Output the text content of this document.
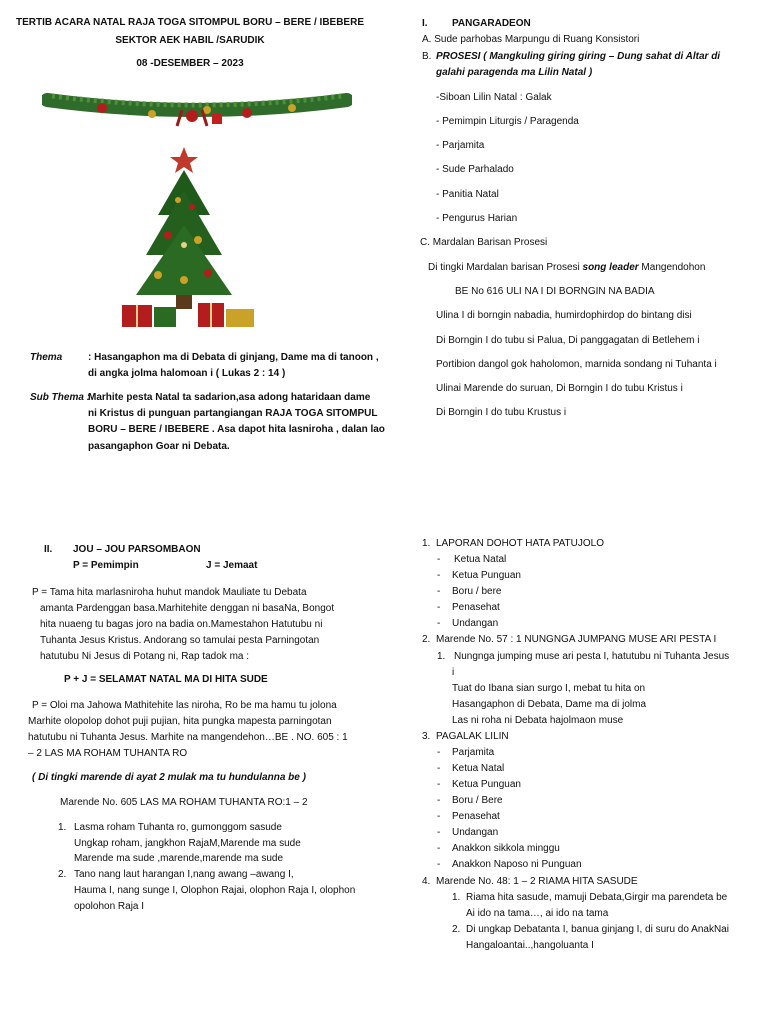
TERTIB ACARA NATAL RAJA TOGA SITOMPUL BORU – BERE / IBEBERE
SEKTOR AEK HABIL /SARUDIK
08 -DESEMBER – 2023
Thema	: Hasangaphon ma di Debata di ginjang, Dame ma di tanoon ,
di angka jolma halomoan i ( Lukas 2 : 14 )
Sub Thema :
Marhite pesta Natal ta sadarion,asa adong hataridaan dame
ni Kristus di punguan partangiangan RAJA TOGA SITOMPUL
BORU – BERE / IBEBERE . Asa dapot hita lasniroha , dalan lao
pasangaphon Goar ni Debata.
I. PANGARADEON
A. Sude parhobas Marpungu di Ruang Konsistori
B. PROSESI ( Mangkuling giring giring – Dung sahat di Altar di
galahi paragenda ma Lilin Natal )
-Siboan Lilin Natal : Galak
- Pemimpin Liturgis / Paragenda
- Parjamita
- Sude Parhalado
- Panitia Natal
- Pengurus Harian
C. Mardalan Barisan Prosesi
Di tingki Mardalan barisan Prosesi song leader Mangendohon
BE No 616 ULI NA I DI BORNGIN NA BADIA
Ulina I di borngin nabadia, humirdophirdop do bintang disi
Di Borngin I do tubu si Palua, Di panggagatan di Betlehem i
Portibion dangol gok haholomon, marnida sondang ni Tuhanta i
Ulinai Marende do suruan, Di Borngin I do tubu Kristus i
Di Borngin I do tubu Krustus i
II. JOU – JOU PARSOMBAON
P = Pemimpin	J = Jemaat
P = Tama hita marlasniroha huhut mandok Mauliate tu Debata
amanta Pardenggan basa.Marhitehite denggan ni basaNa, Bongot
hita nuaeng tu bagas joro na badia on.Mamestahon Hatutubu ni
Tuhanta Jesus Kristus. Andorang so tamulai pesta Parningotan
hatutubu Ni Jesus di Potang ni, Rap tadok ma :
P + J = SELAMAT NATAL MA DI HITA SUDE
P = Oloi ma Jahowa Mathitehite las niroha, Ro be ma hamu tu jolona
Marhite olopolop dohot puji pujian, hita pungka mapesta parningotan
hatutubu ni Tuhanta Jesus. Marhite na mangendehon…BE . NO. 605 : 1
– 2 LAS MA ROHAM TUHANTA RO
( Di tingki marende di ayat 2 mulak ma tu hundulanna be )
Marende No. 605 LAS MA ROHAM TUHANTA RO:1 – 2
1. Lasma roham Tuhanta ro, gumonggom sasude
Ungkap roham, jangkhon RajaM,Marende ma sude
Marende ma sude ,marende,marende ma sude
2. Tano nang laut harangan I,nang awang –awang I,
Hauma I, nang sunge I, Olophon Rajai, olophon Raja I, olophon
opolohon Raja I
1. LAPORAN DOHOT HATA PATUJOLO
- Ketua Natal
- Ketua Punguan
- Boru / bere
- Penasehat
- Undangan
2. Marende No. 57 : 1 NUNGNGA JUMPANG MUSE ARI PESTA I
1. Nungnga jumping muse ari pesta I, hatutubu ni Tuhanta Jesus
i
Tuat do Ibana sian surgo I, mebat tu hita on
Hasangaphon di Debata, Dame ma di jolma
Las ni roha ni Debata hajolmaon muse
3. PAGALAK LILIN
- Parjamita
- Ketua Natal
- Ketua Punguan
- Boru / Bere
- Penasehat
- Undangan
- Anakkon sikkola minggu
- Anakkon Naposo ni Punguan
4. Marende No. 48: 1 – 2 RIAMA HITA SASUDE
1. Riama hita sasude, mamuji Debata,Girgir ma parendeta be
Ai ido na tama…, ai ido na tama
2. Di ungkap Debatanta I, banua ginjang I, di suru do AnakNai
Hangaloantai..,hangoluanta I
